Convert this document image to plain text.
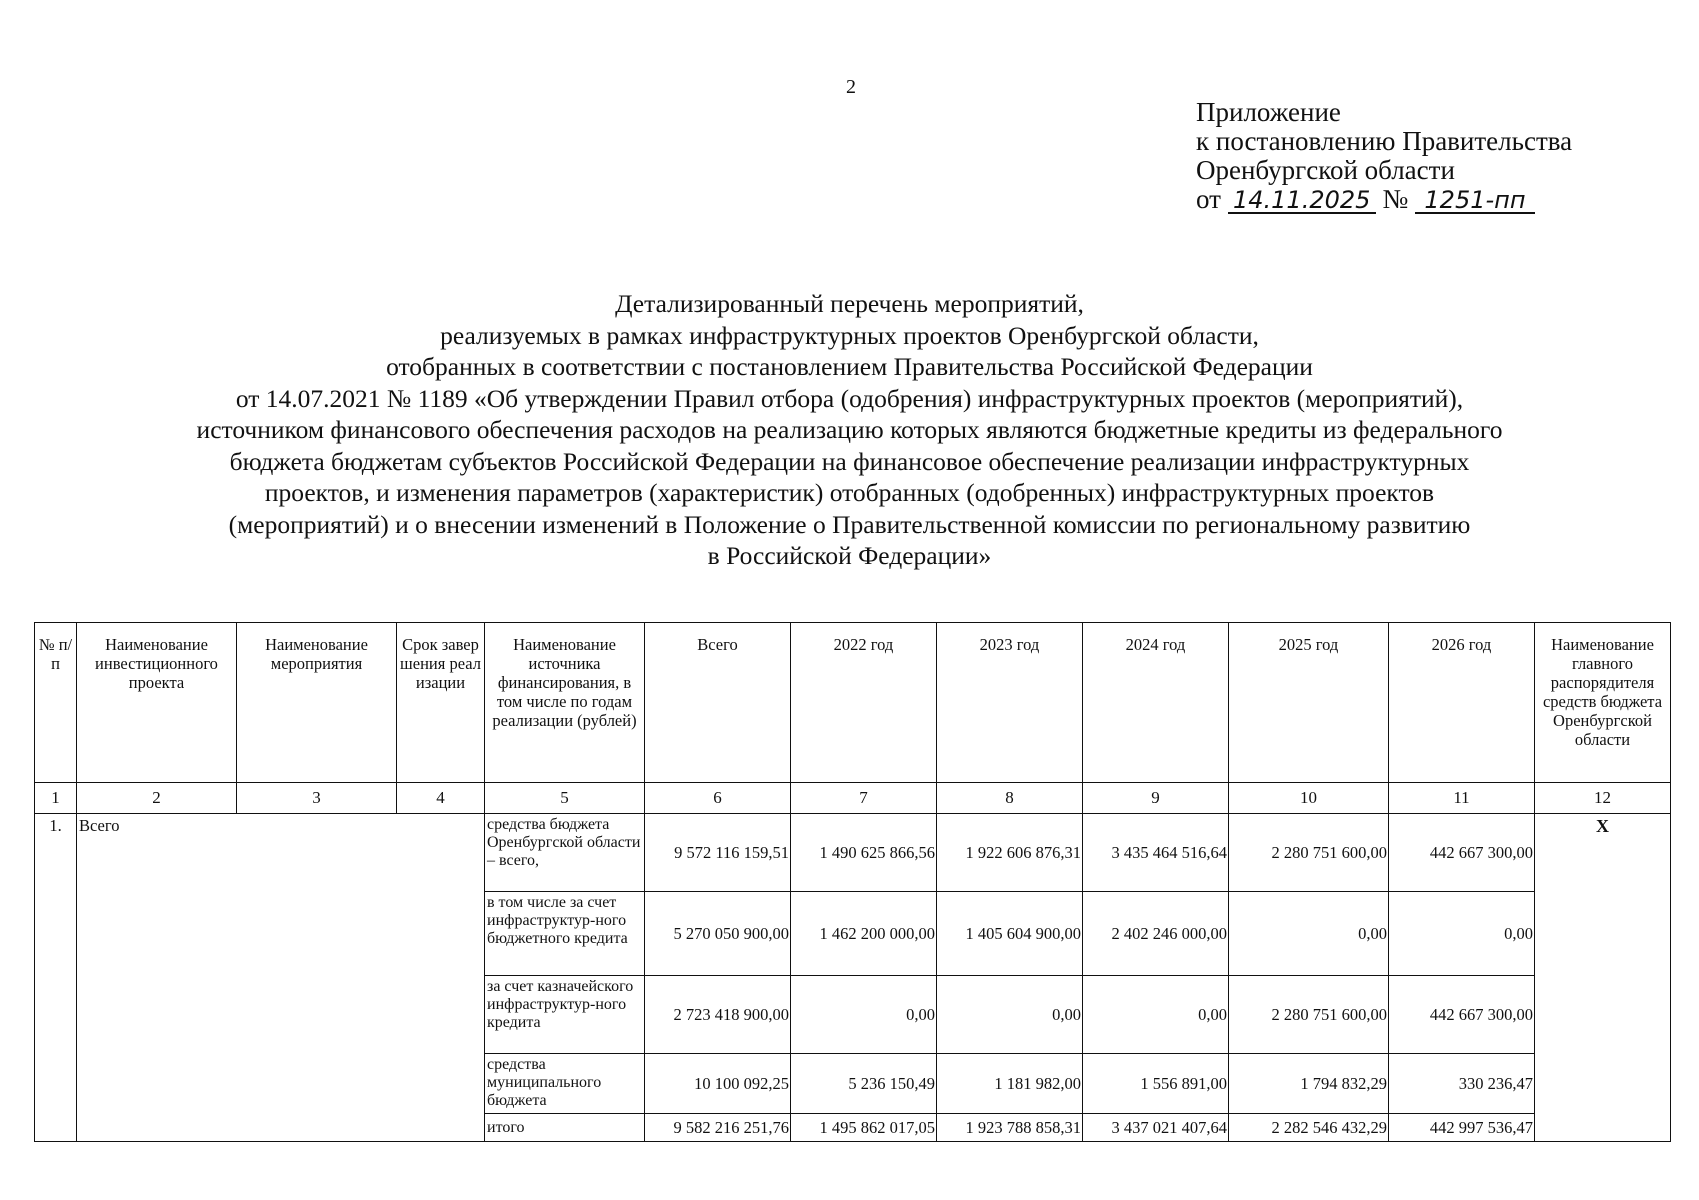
2
Приложение
к постановлению Правительства
Оренбургской области
от 14.11.2025 № 1251-пп
Детализированный перечень мероприятий,
реализуемых в рамках инфраструктурных проектов Оренбургской области,
отобранных в соответствии с постановлением Правительства Российской Федерации
от 14.07.2021 № 1189 «Об утверждении Правил отбора (одобрения) инфраструктурных проектов (мероприятий),
источником финансового обеспечения расходов на реализацию которых являются бюджетные кредиты из федерального
бюджета бюджетам субъектов Российской Федерации на финансовое обеспечение реализации инфраструктурных
проектов, и изменения параметров (характеристик) отобранных (одобренных) инфраструктурных проектов
(мероприятий) и о внесении изменений в Положение о Правительственной комиссии по региональному развитию
в Российской Федерации»
№ п/п	Наименование инвестиционного проекта	Наименование мероприятия	Срок завершения реализации	Наименование источника финансирования, в том числе по годам реализации (рублей)	Всего	2022 год	2023 год	2024 год	2025 год	2026 год	Наименование главного распорядителя средств бюджета Оренбургской области
1	2	3	4	5	6	7	8	9	10	11	12
1.	Всего			средства бюджета Оренбургской области – всего,	9 572 116 159,51	1 490 625 866,56	1 922 606 876,31	3 435 464 516,64	2 280 751 600,00	442 667 300,00	Х
				в том числе за счет инфраструктур-ного бюджетного кредита	5 270 050 900,00	1 462 200 000,00	1 405 604 900,00	2 402 246 000,00	0,00	0,00	
				за счет казначейского инфраструктур-ного кредита	2 723 418 900,00	0,00	0,00	0,00	2 280 751 600,00	442 667 300,00	
				средства муниципального бюджета	10 100 092,25	5 236 150,49	1 181 982,00	1 556 891,00	1 794 832,29	330 236,47	
				итого	9 582 216 251,76	1 495 862 017,05	1 923 788 858,31	3 437 021 407,64	2 282 546 432,29	442 997 536,47	
